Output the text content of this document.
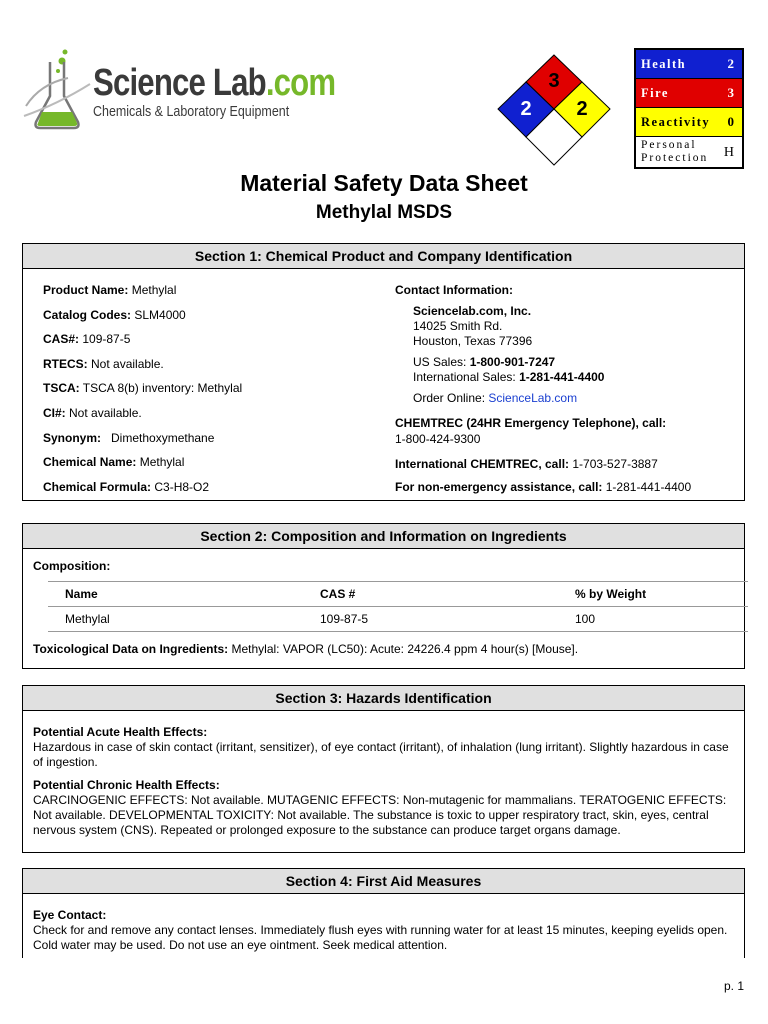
Science Lab.com
Chemicals & Laboratory Equipment
3
2 2
Health	2
Fire	3
Reactivity 0
Personal
Protection H
Material Safety Data Sheet
Methylal MSDS
Section 1: Chemical Product and Company Identification
Product Name: Methylal
Catalog Codes: SLM4000
CAS#: 109-87-5
RTECS: Not available.
TSCA: TSCA 8(b) inventory: Methylal
CI#: Not available.
Synonym:   Dimethoxymethane
Chemical Name: Methylal
Chemical Formula: C3-H8-O2
Contact Information:
Sciencelab.com, Inc.
14025 Smith Rd.
Houston, Texas 77396
US Sales: 1-800-901-7247
International Sales: 1-281-441-4400
Order Online: ScienceLab.com
CHEMTREC (24HR Emergency Telephone), call:
1-800-424-9300
International CHEMTREC, call: 1-703-527-3887
For non-emergency assistance, call: 1-281-441-4400
Section 2: Composition and Information on Ingredients
Composition:
Name	CAS #	% by Weight
Methylal	109-87-5	100
Toxicological Data on Ingredients: Methylal: VAPOR (LC50): Acute: 24226.4 ppm 4 hour(s) [Mouse].
Section 3: Hazards Identification
Potential Acute Health Effects:
Hazardous in case of skin contact (irritant, sensitizer), of eye contact (irritant), of inhalation (lung irritant). Slightly hazardous in case of ingestion.
Potential Chronic Health Effects:
CARCINOGENIC EFFECTS: Not available. MUTAGENIC EFFECTS: Non-mutagenic for mammalians. TERATOGENIC EFFECTS: Not available. DEVELOPMENTAL TOXICITY: Not available. The substance is toxic to upper respiratory tract, skin, eyes, central nervous system (CNS). Repeated or prolonged exposure to the substance can produce target organs damage.
Section 4: First Aid Measures
Eye Contact:
Check for and remove any contact lenses. Immediately flush eyes with running water for at least 15 minutes, keeping eyelids open. Cold water may be used. Do not use an eye ointment. Seek medical attention.
p. 1
